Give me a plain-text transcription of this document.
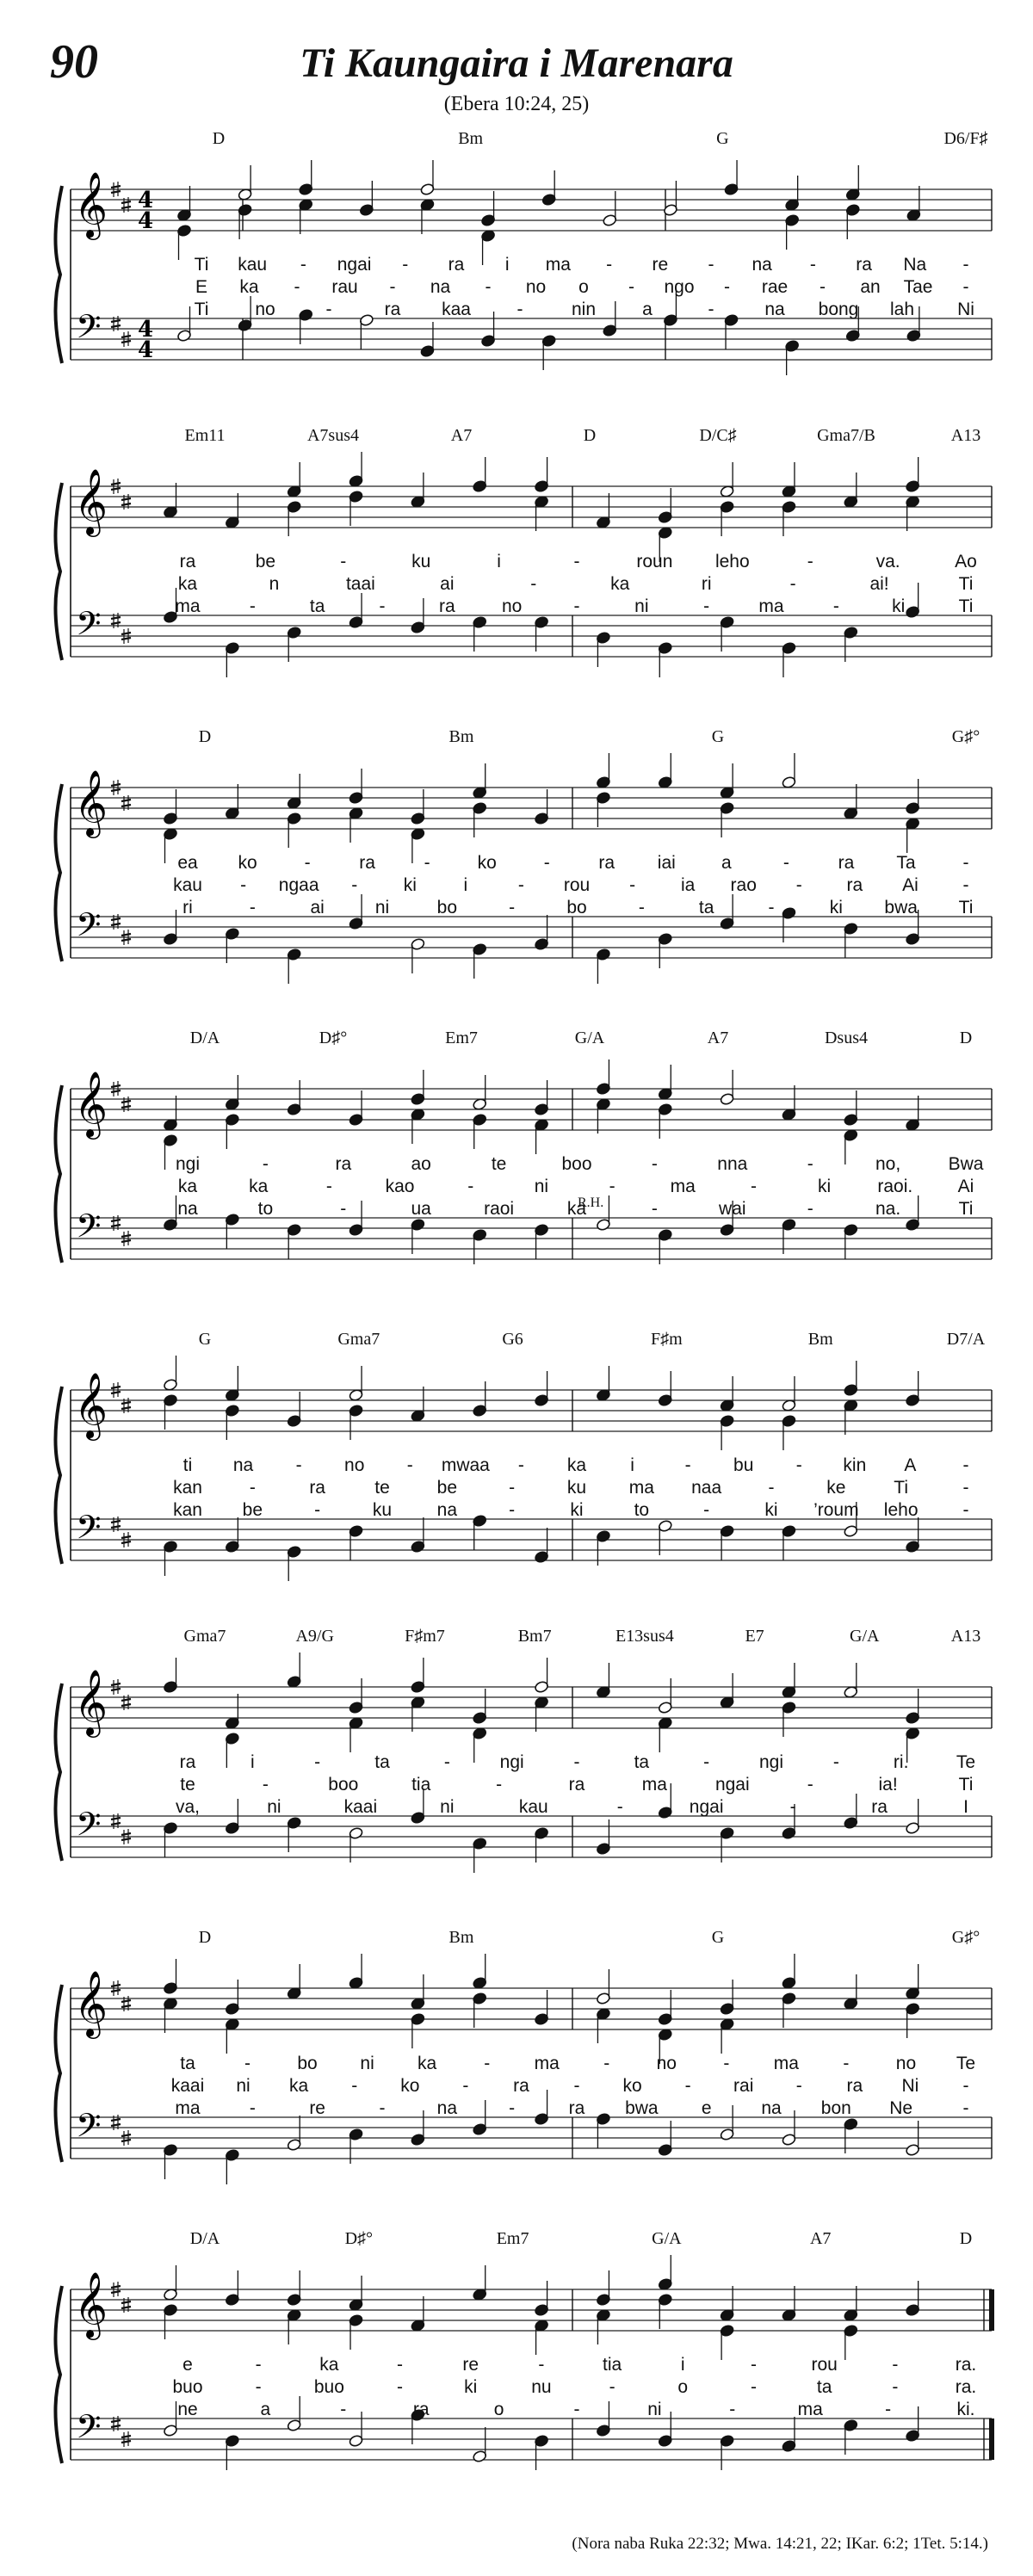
90	Ti Kaungaira i Marenara
(Ebera 10:24, 25)
𝄞
𝄢
4
4
4
4
D	Bm	G	D6/F♯
Ti kau - ngai - ra i ma - re - na - ra Na -
E ka - rau - na - no o - ngo - rae - an Tae -
Ti	no	-	ra kaa	-	nin	a	-	na bong lah Ni
𝄞
𝄢
Em11	A7sus4	A7	D	D/C♯	Gma7/B	A13
ra	be	-	ku	i	-	roun leho	-	va.	Ao
ka	n	taai	ai	-	ka	ri	-	ai!	Ti
ma	-	ta	-	ra	no	-	ni	-	ma	-	ki.	Ti
𝄞
𝄢
D	Bm	G	G♯°
ea ko	-	ra	-	ko	-	ra iai	a	-	ra Ta	-
kau - ngaa -	ki	i	- rou -	ia rao - ra Ai -
ri	-	ai	ni	bo	-	bo	-	ta	-	ki bwa Ti
𝄞
𝄢
D/A	D♯°	Em7	G/A	A7	Dsus4	D
R.H.
ngi	-	ra	ao	te	boo	-	nna	-	no,	Bwa
ka	ka	-	kao	-	ni	-	ma	-	ki	raoi. Ai
na	to	-	ua	raoi	ka	-	wai	-	na.	Ti
𝄞
𝄢
G	Gma7	G6	F♯m	Bm	D7/A
ti na - no - mwaa - ka i	- bu - kin A	-
kan	-	ra	te	be	-	ku ma naa	-	ke	Ti	-
kan be	-	ku	na	-	ki	to	-	ki ’roum leho -
𝄞
𝄢
Gma7	A9/G	F♯m7	Bm7	E13sus4	E7	G/A	A13
ra	i	-	ta	-	ngi	-	ta	-	ngi	-	ri.	Te
te	-	boo	tia	-	ra	ma	ngai	-	ia!	Ti
va,	ni	kaai	ni	kau	-	ngai	-	ra	I
𝄞
𝄢
D	Bm	G	G♯°
ta	-	bo ni ka	- ma -	no	- ma -	no Te
kaai ni ka - ko - ra - ko - rai - ra Ni -
ma	-	re	-	na	-	ra bwa e	na bon Ne	-
𝄞
𝄢
D/A	D♯°	Em7	G/A	A7	D
e	-	ka	-	re	-	tia	i	-	rou	-	ra.
buo	-	buo	-	ki	nu	-	o	-	ta	-	ra.
ne	a	-	ra	o	-	ni	-	ma	-	ki.
(Nora naba Ruka 22:32; Mwa. 14:21, 22; IKar. 6:2; 1Tet. 5:14.)
